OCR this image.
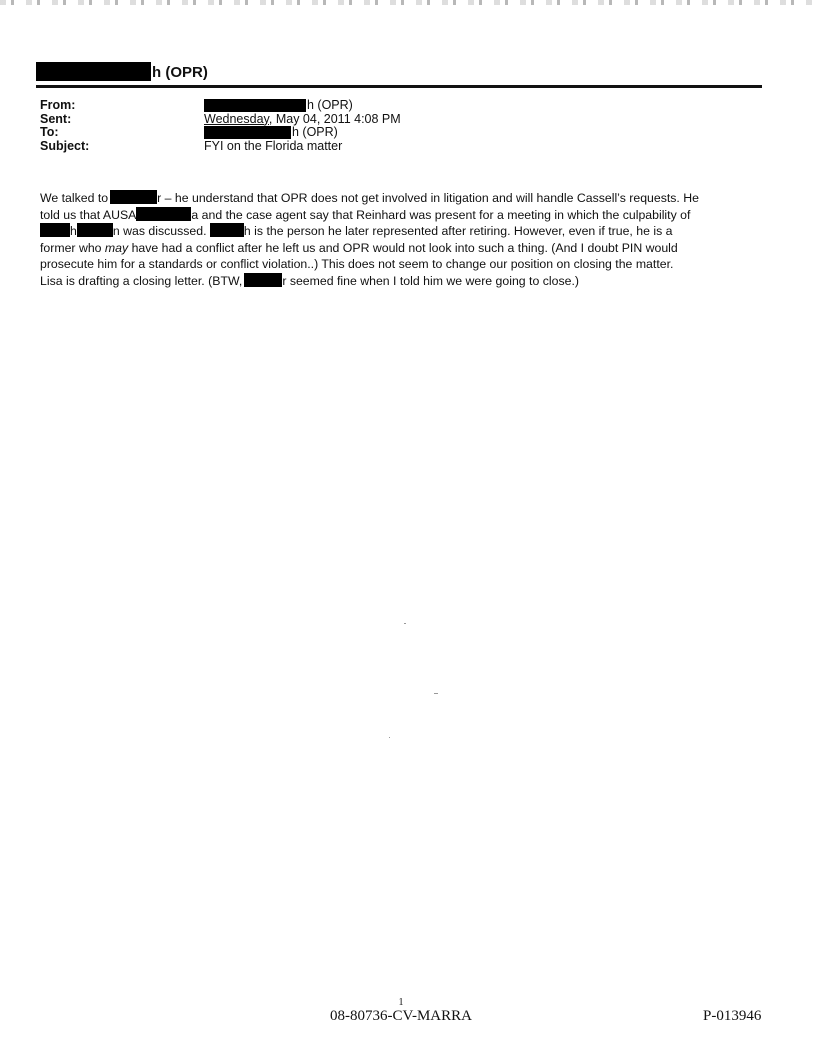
h (OPR)
From:	h (OPR)
Sent:	Wednesday, May 04, 2011 4:08 PM
To:	h (OPR)
Subject:	FYI on the Florida matter
We talked to	r – he understand that OPR does not get involved in litigation and will handle Cassell’s requests. He
told us that AUSA	a and the case agent say that Reinhard was present for a meeting in which the culpability of
h	n was discussed.	h is the person he later represented after retiring. However, even if true, he is a
former who may have had a conflict after he left us and OPR would not look into such a thing. (And I doubt PIN would
prosecute him for a standards or conflict violation..) This does not seem to change our position on closing the matter.
Lisa is drafting a closing letter. (BTW,	r seemed fine when I told him we were going to close.)
1
08-80736-CV-MARRA	P-013946
